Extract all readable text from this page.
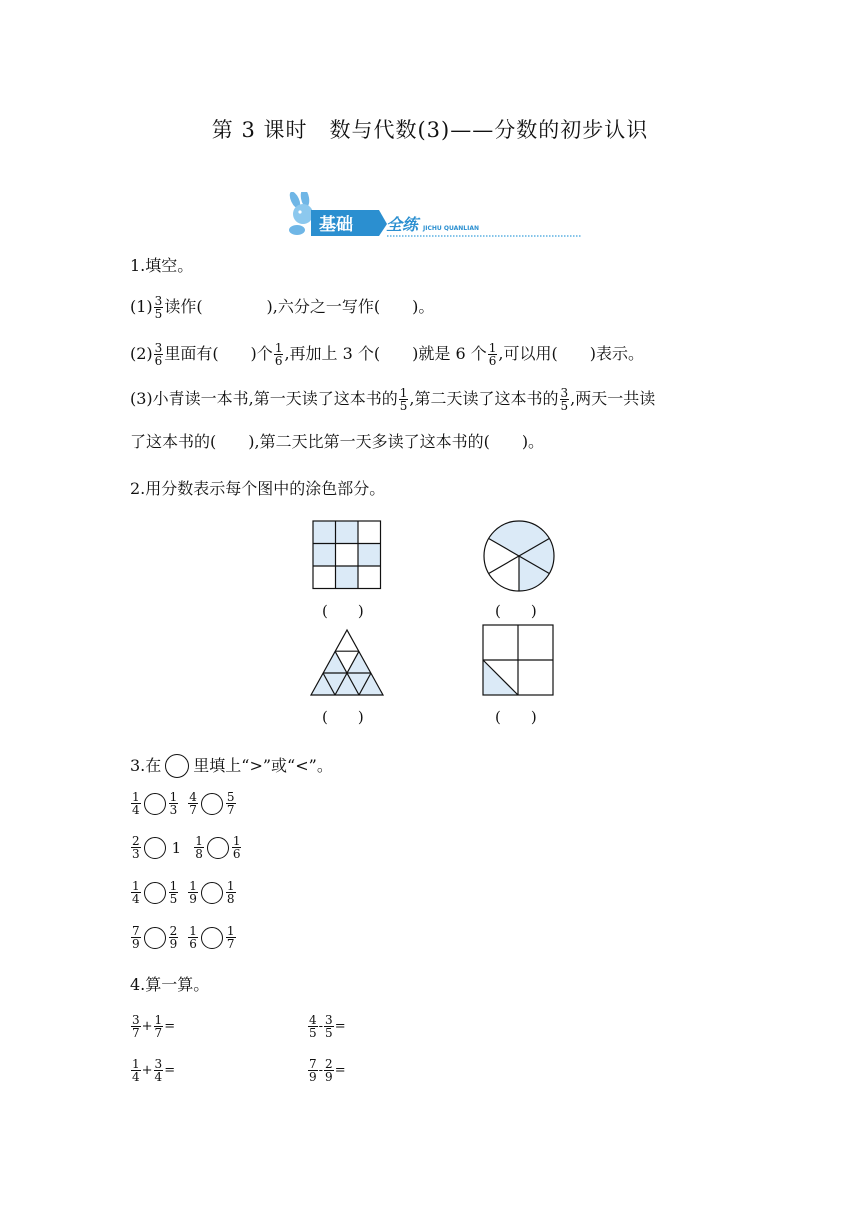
第 3 课时　数与代数(3)——分数的初步认识
基础 全练 JICHU QUANLIAN
1.填空。
$(1) \frac{3}{5}$ 读作(　　　　),六分之一写作(　　)。
$(2) \frac{3}{6}$ 里面有(　　)个 $\frac{1}{6}$ ,再加上 3 个(　　)就是 6 个 $\frac{1}{6}$ ,可以用(　　)表示。
(3)小青读一本书,第一天读了这本书的 $\frac{1}{5}$ ,第二天读了这本书的 $\frac{3}{5}$ ,两天一共读
了这本书的(　　),第二天比第一天多读了这本书的(　　)。
2.用分数表示每个图中的涂色部分。
(　　)	(　　)
(　　)	(　　)
3.在 里填上“>”或“<”。
$\frac{1}{4} \frac{1}{3} \frac{4}{7} \frac{5}{7}$
$\frac{2}{3} 1 \frac{1}{8} \frac{1}{6}$
$\frac{1}{4} \frac{1}{5} \frac{1}{9} \frac{1}{8}$
$\frac{7}{9} \frac{2}{9} \frac{1}{6} \frac{1}{7}$
4.算一算。
$\frac{3}{7} + \frac{1}{7}$ =	$\frac{4}{5} - \frac{3}{5}$ =
$\frac{1}{4} + \frac{3}{4}$ =	$\frac{7}{9} - \frac{2}{9}$ =
